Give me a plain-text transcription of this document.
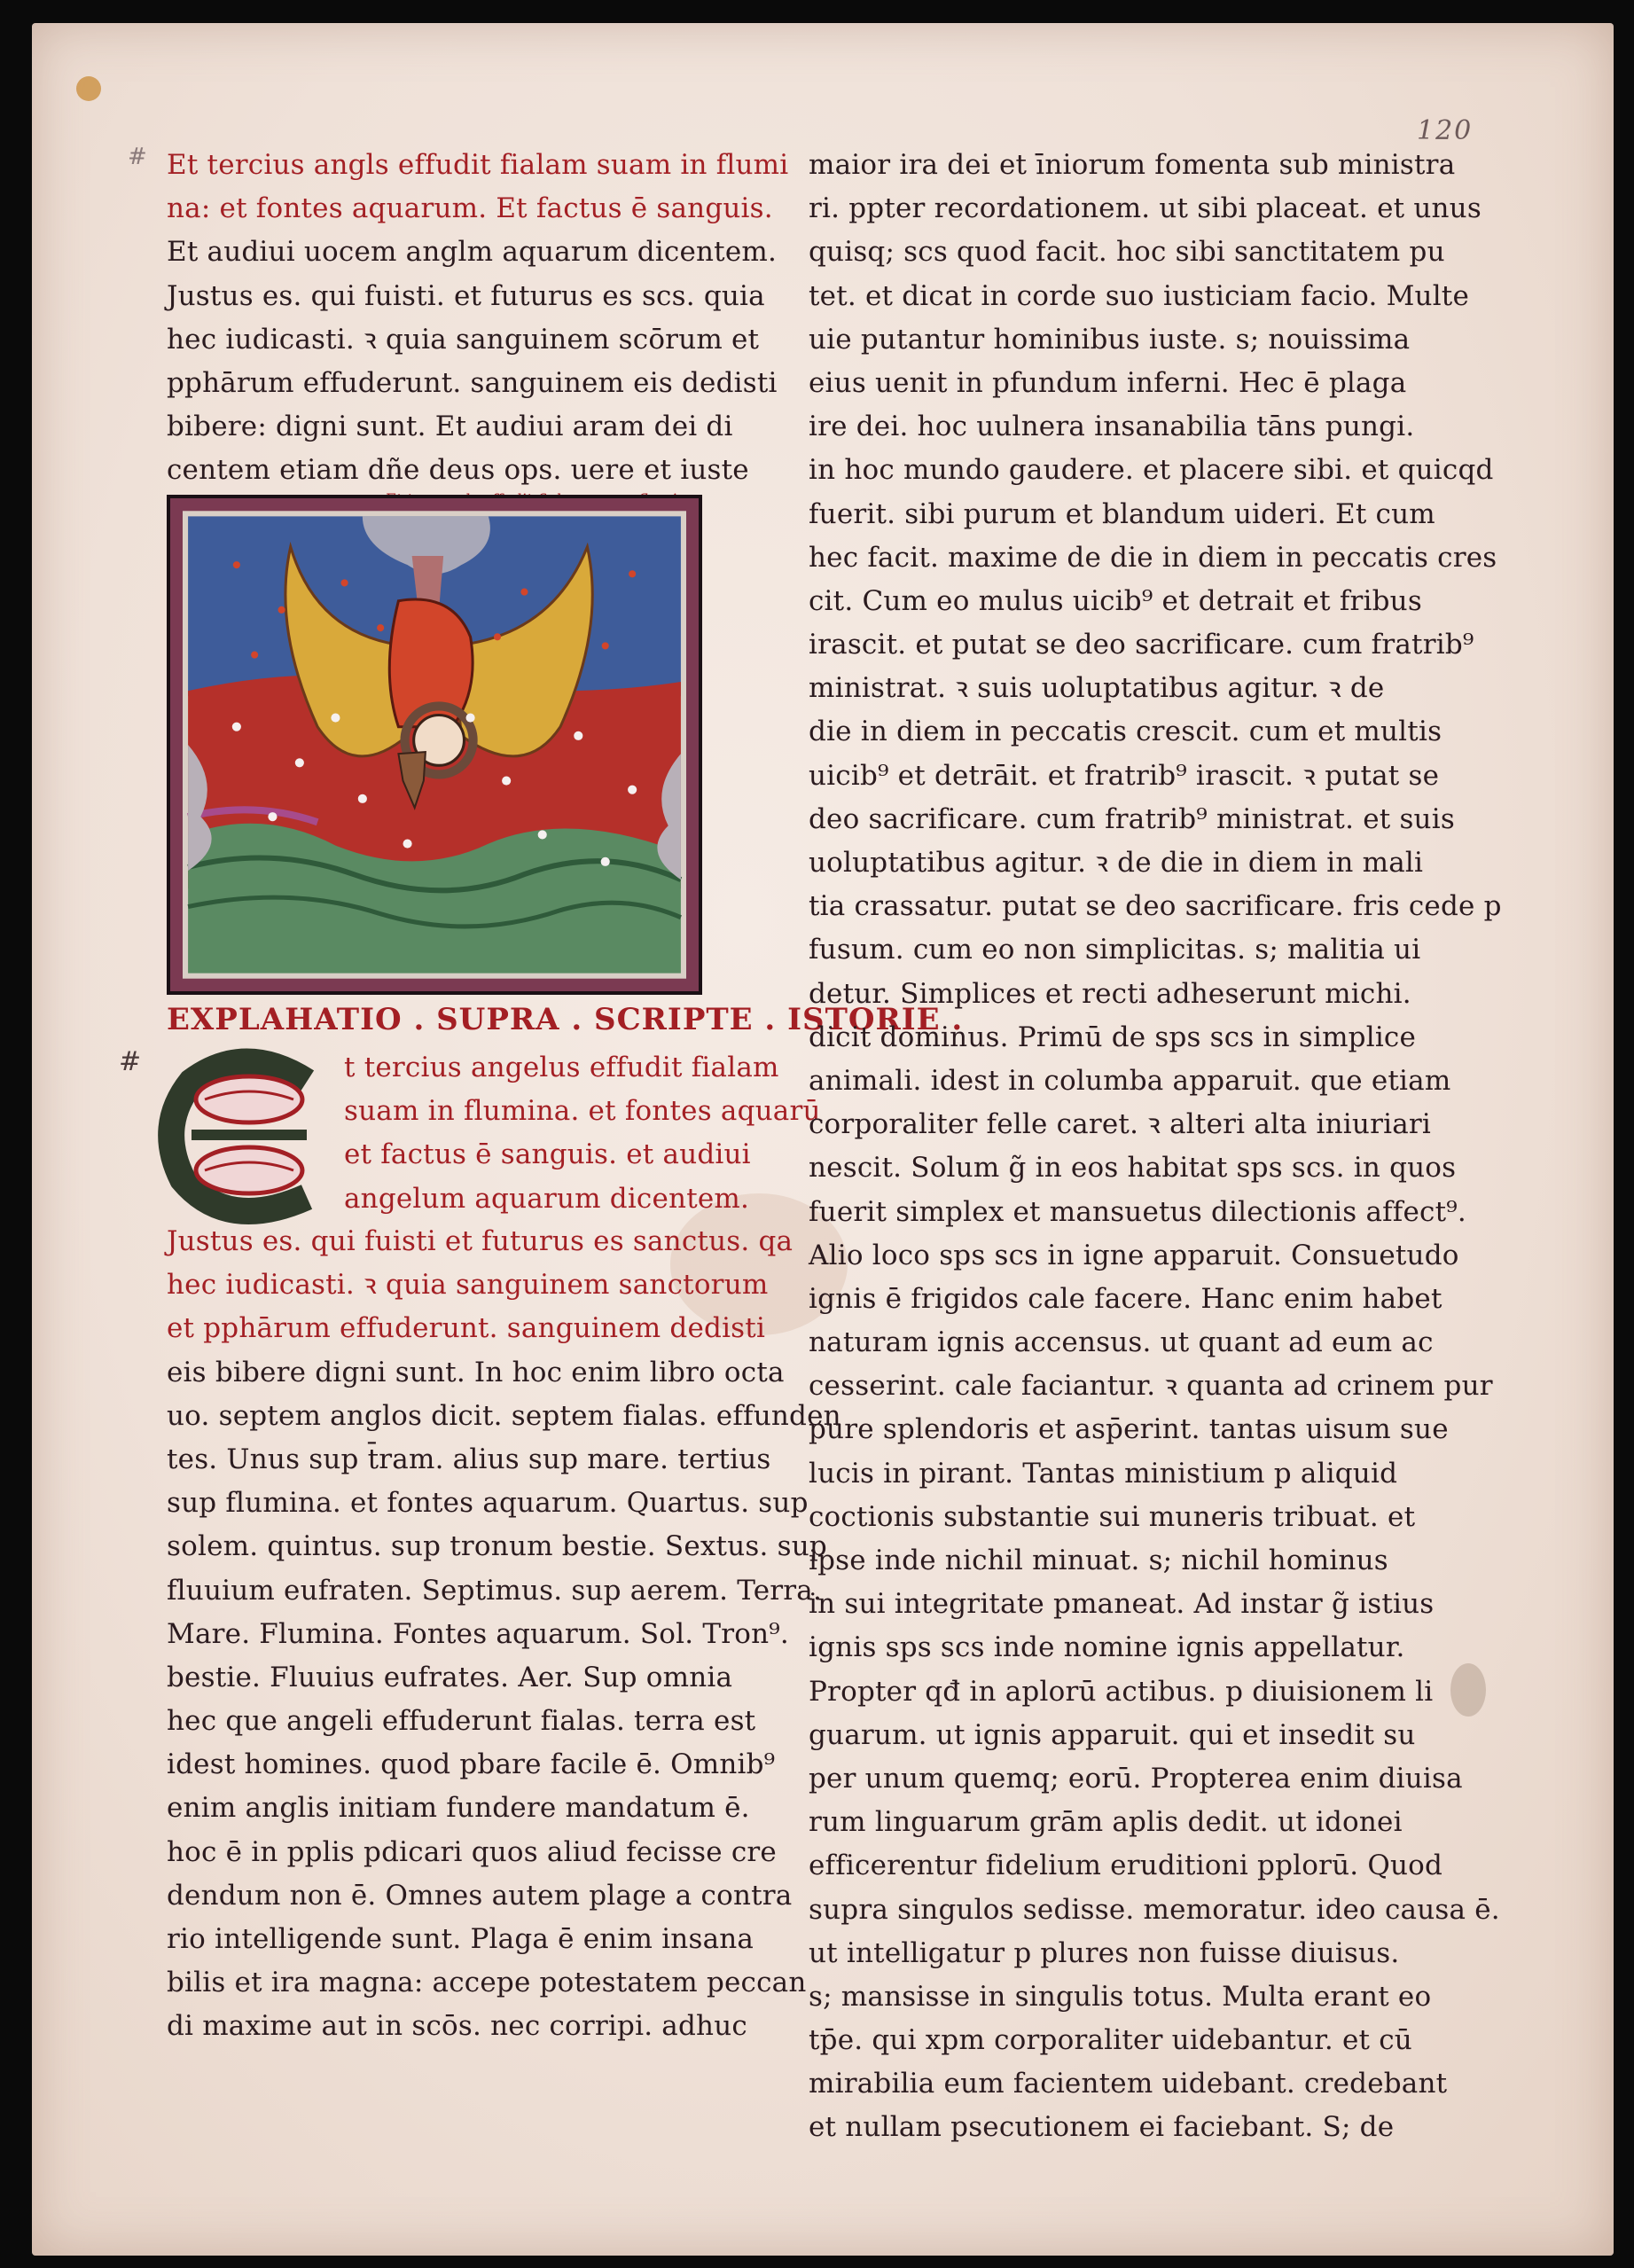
120
#
#
Et tercius angls effudit fialam suam in flumi
na: et fontes aquarum. Et factus ē sanguis.
Et audiui uocem anglm aquarum dicentem.
Justus es. qui fuisti. et futurus es scs. quia
hec iudicasti. ꝛ quia sanguinem scōrum et
pphārum effuderunt. sanguinem eis dedisti
bibere: digni sunt. Et audiui aram dei di
centem etiam dñe deus ops. uere et iuste
EXPLAHATIO . SUPRA . SCRIPTE . ISTORIE .
t tercius angelus effudit fialam
suam in flumina. et fontes aquarū
et factus ē sanguis. et audiui
angelum aquarum dicentem.
Justus es. qui fuisti et futurus es sanctus. qa
hec iudicasti. ꝛ quia sanguinem sanctorum
et pphārum effuderunt. sanguinem dedisti
eis bibere digni sunt. In hoc enim libro octa
uo. septem anglos dicit. septem fialas. effunden
tes. Unus sup t̄ram. alius sup mare. tertius
sup flumina. et fontes aquarum. Quartus. sup
solem. quintus. sup tronum bestie. Sextus. sup
fluuium eufraten. Septimus. sup aerem. Terra.
Mare. Flumina. Fontes aquarum. Sol. Tron⁹.
bestie. Fluuius eufrates. Aer. Sup omnia
hec que angeli effuderunt fialas. terra est
idest homines. quod pbare facile ē. Omnib⁹
enim anglis initiam fundere mandatum ē.
hoc ē in pplis pdicari quos aliud fecisse cre
dendum non ē. Omnes autem plage a contra
rio intelligende sunt. Plaga ē enim insana
bilis et ira magna: accepe potestatem peccan
di maxime aut in scōs. nec corripi. adhuc
maior ira dei et īniorum fomenta sub ministra
ri. ppter recordationem. ut sibi placeat. et unus
quisq; scs quod facit. hoc sibi sanctitatem pu
tet. et dicat in corde suo iusticiam facio. Multe
uie putantur hominibus iuste. s; nouissima
eius uenit in pfundum inferni. Hec ē plaga
ire dei. hoc uulnera insanabilia tāns pungi.
in hoc mundo gaudere. et placere sibi. et quicqd
fuerit. sibi purum et blandum uideri. Et cum
hec facit. maxime de die in diem in peccatis cres
cit. Cum eo mulus uicib⁹ et detrait et fribus
irascit. et putat se deo sacrificare. cum fratrib⁹
ministrat. ꝛ suis uoluptatibus agitur. ꝛ de
die in diem in peccatis crescit. cum et multis
uicib⁹ et detrāit. et fratrib⁹ irascit. ꝛ putat se
deo sacrificare. cum fratrib⁹ ministrat. et suis
uoluptatibus agitur. ꝛ de die in diem in mali
tia crassatur. putat se deo sacrificare. fris cede p
fusum. cum eo non simplicitas. s; malitia ui
detur. Simplices et recti adheserunt michi.
dicit dominus. Primū de sps scs in simplice
animali. idest in columba apparuit. que etiam
corporaliter felle caret. ꝛ alteri alta iniuriari
nescit. Solum g̃ in eos habitat sps scs. in quos
fuerit simplex et mansuetus dilectionis affect⁹.
Alio loco sps scs in igne apparuit. Consuetudo
ignis ē frigidos cale facere. Hanc enim habet
naturam ignis accensus. ut quant ad eum ac
cesserint. cale faciantur. ꝛ quanta ad crinem pur
pure splendoris et asp̄erint. tantas uisum sue
lucis in pirant. Tantas ministium p aliquid
coctionis substantie sui muneris tribuat. et
ipse inde nichil minuat. s; nichil hominus
in sui integritate pmaneat. Ad instar g̃ istius
ignis sps scs inde nomine ignis appellatur.
Propter qđ in aplorū actibus. p diuisionem li
guarum. ut ignis apparuit. qui et insedit su
per unum quemq; eorū. Propterea enim diuisa
rum linguarum grām aplis dedit. ut idonei
efficerentur fidelium eruditioni pplorū. Quod
supra singulos sedisse. memoratur. ideo causa ē.
ut intelligatur p plures non fuisse diuisus.
s; mansisse in singulis totus. Multa erant eo
tp̄e. qui xpm corporaliter uidebantur. et cū
mirabilia eum facientem uidebant. credebant
et nullam psecutionem ei faciebant. S; de
